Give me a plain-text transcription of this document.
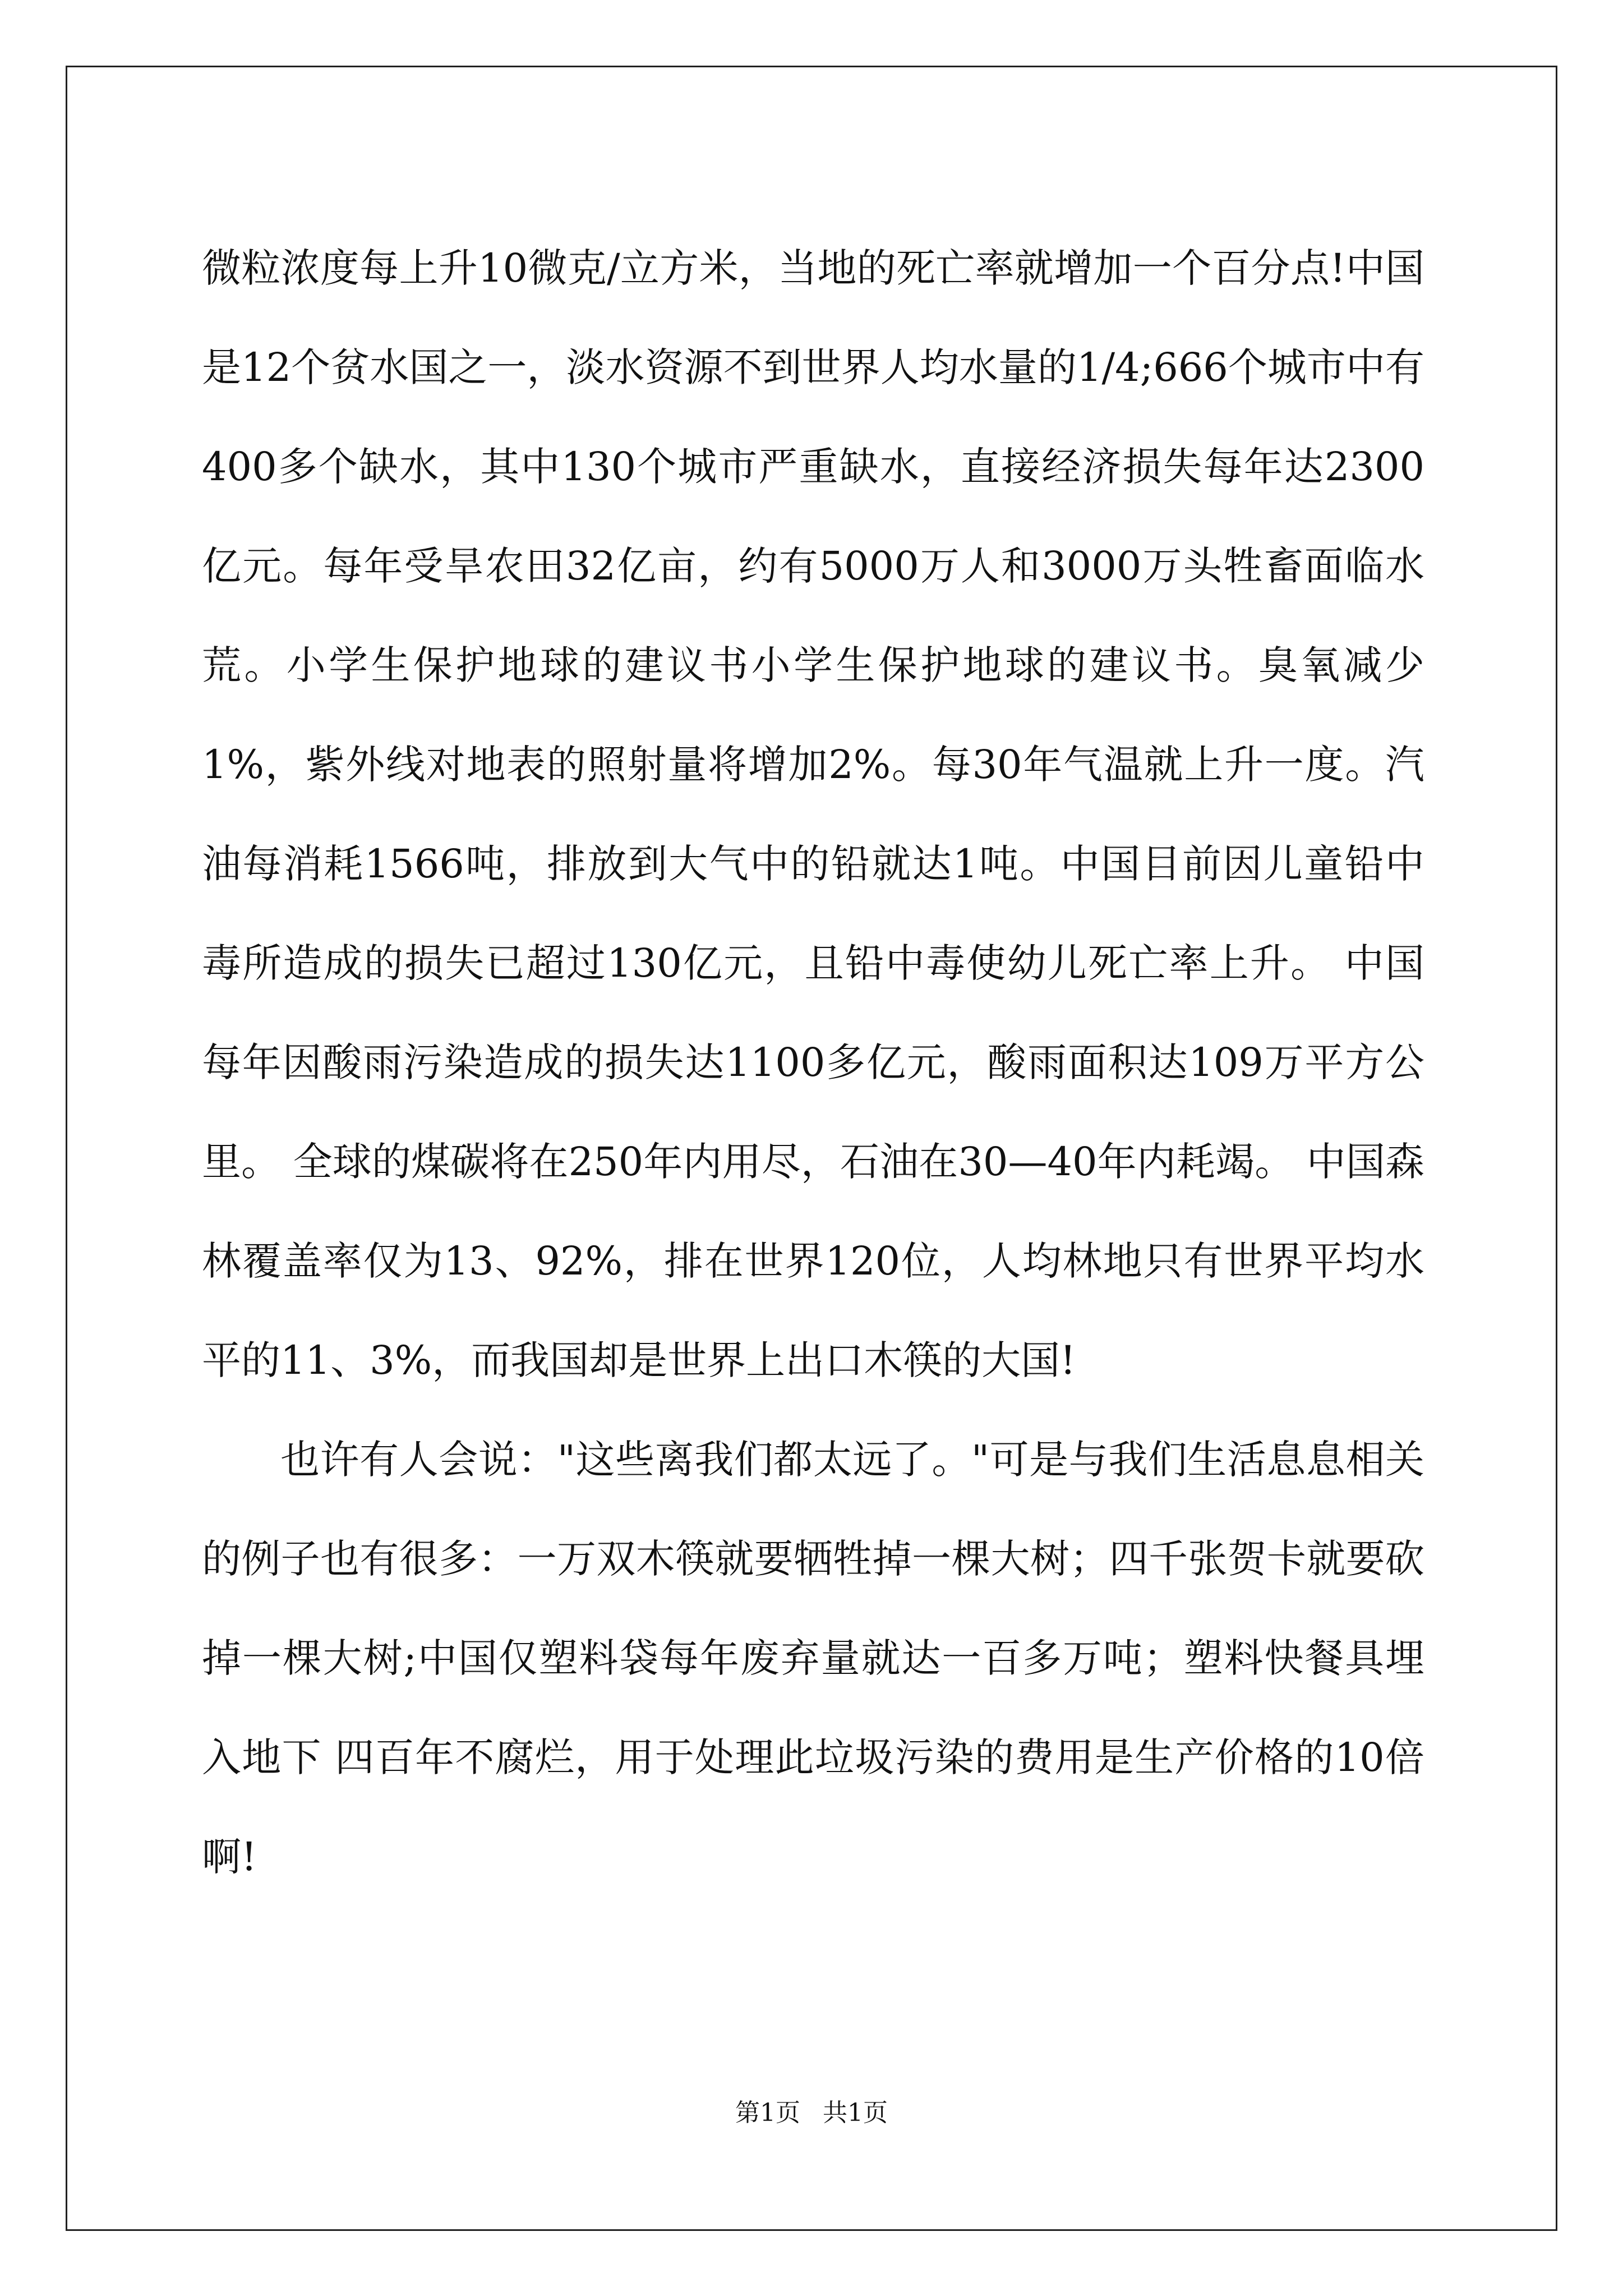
微粒浓度每上升10微克/立方米，当地的死亡率就增加一个百分点!中国是12个贫水国之一，淡水资源不到世界人均水量的1/4;666个城市中有400多个缺水，其中130个城市严重缺水，直接经济损失每年达2300亿元。每年受旱农田32亿亩，约有5000万人和3000万头牲畜面临水荒。小学生保护地球的建议书小学生保护地球的建议书。臭氧减少1%，紫外线对地表的照射量将增加2%。每30年气温就上升一度。汽油每消耗1566吨，排放到大气中的铅就达1吨。中国目前因儿童铅中毒所造成的损失已超过130亿元，且铅中毒使幼儿死亡率上升。 中国每年因酸雨污染造成的损失达1100多亿元，酸雨面积达109万平方公里。 全球的煤碳将在250年内用尽，石油在30—40年内耗竭。 中国森林覆盖率仅为13、92%，排在世界120位，人均林地只有世界平均水平的11、3%，而我国却是世界上出口木筷的大国!

也许有人会说："这些离我们都太远了。"可是与我们生活息息相关的例子也有很多：一万双木筷就要牺牲掉一棵大树；四千张贺卡就要砍掉一棵大树;中国仅塑料袋每年废弃量就达一百多万吨；塑料快餐具埋入地下 四百年不腐烂，用于处理此垃圾污染的费用是生产价格的10倍啊!

第1页 共1页
